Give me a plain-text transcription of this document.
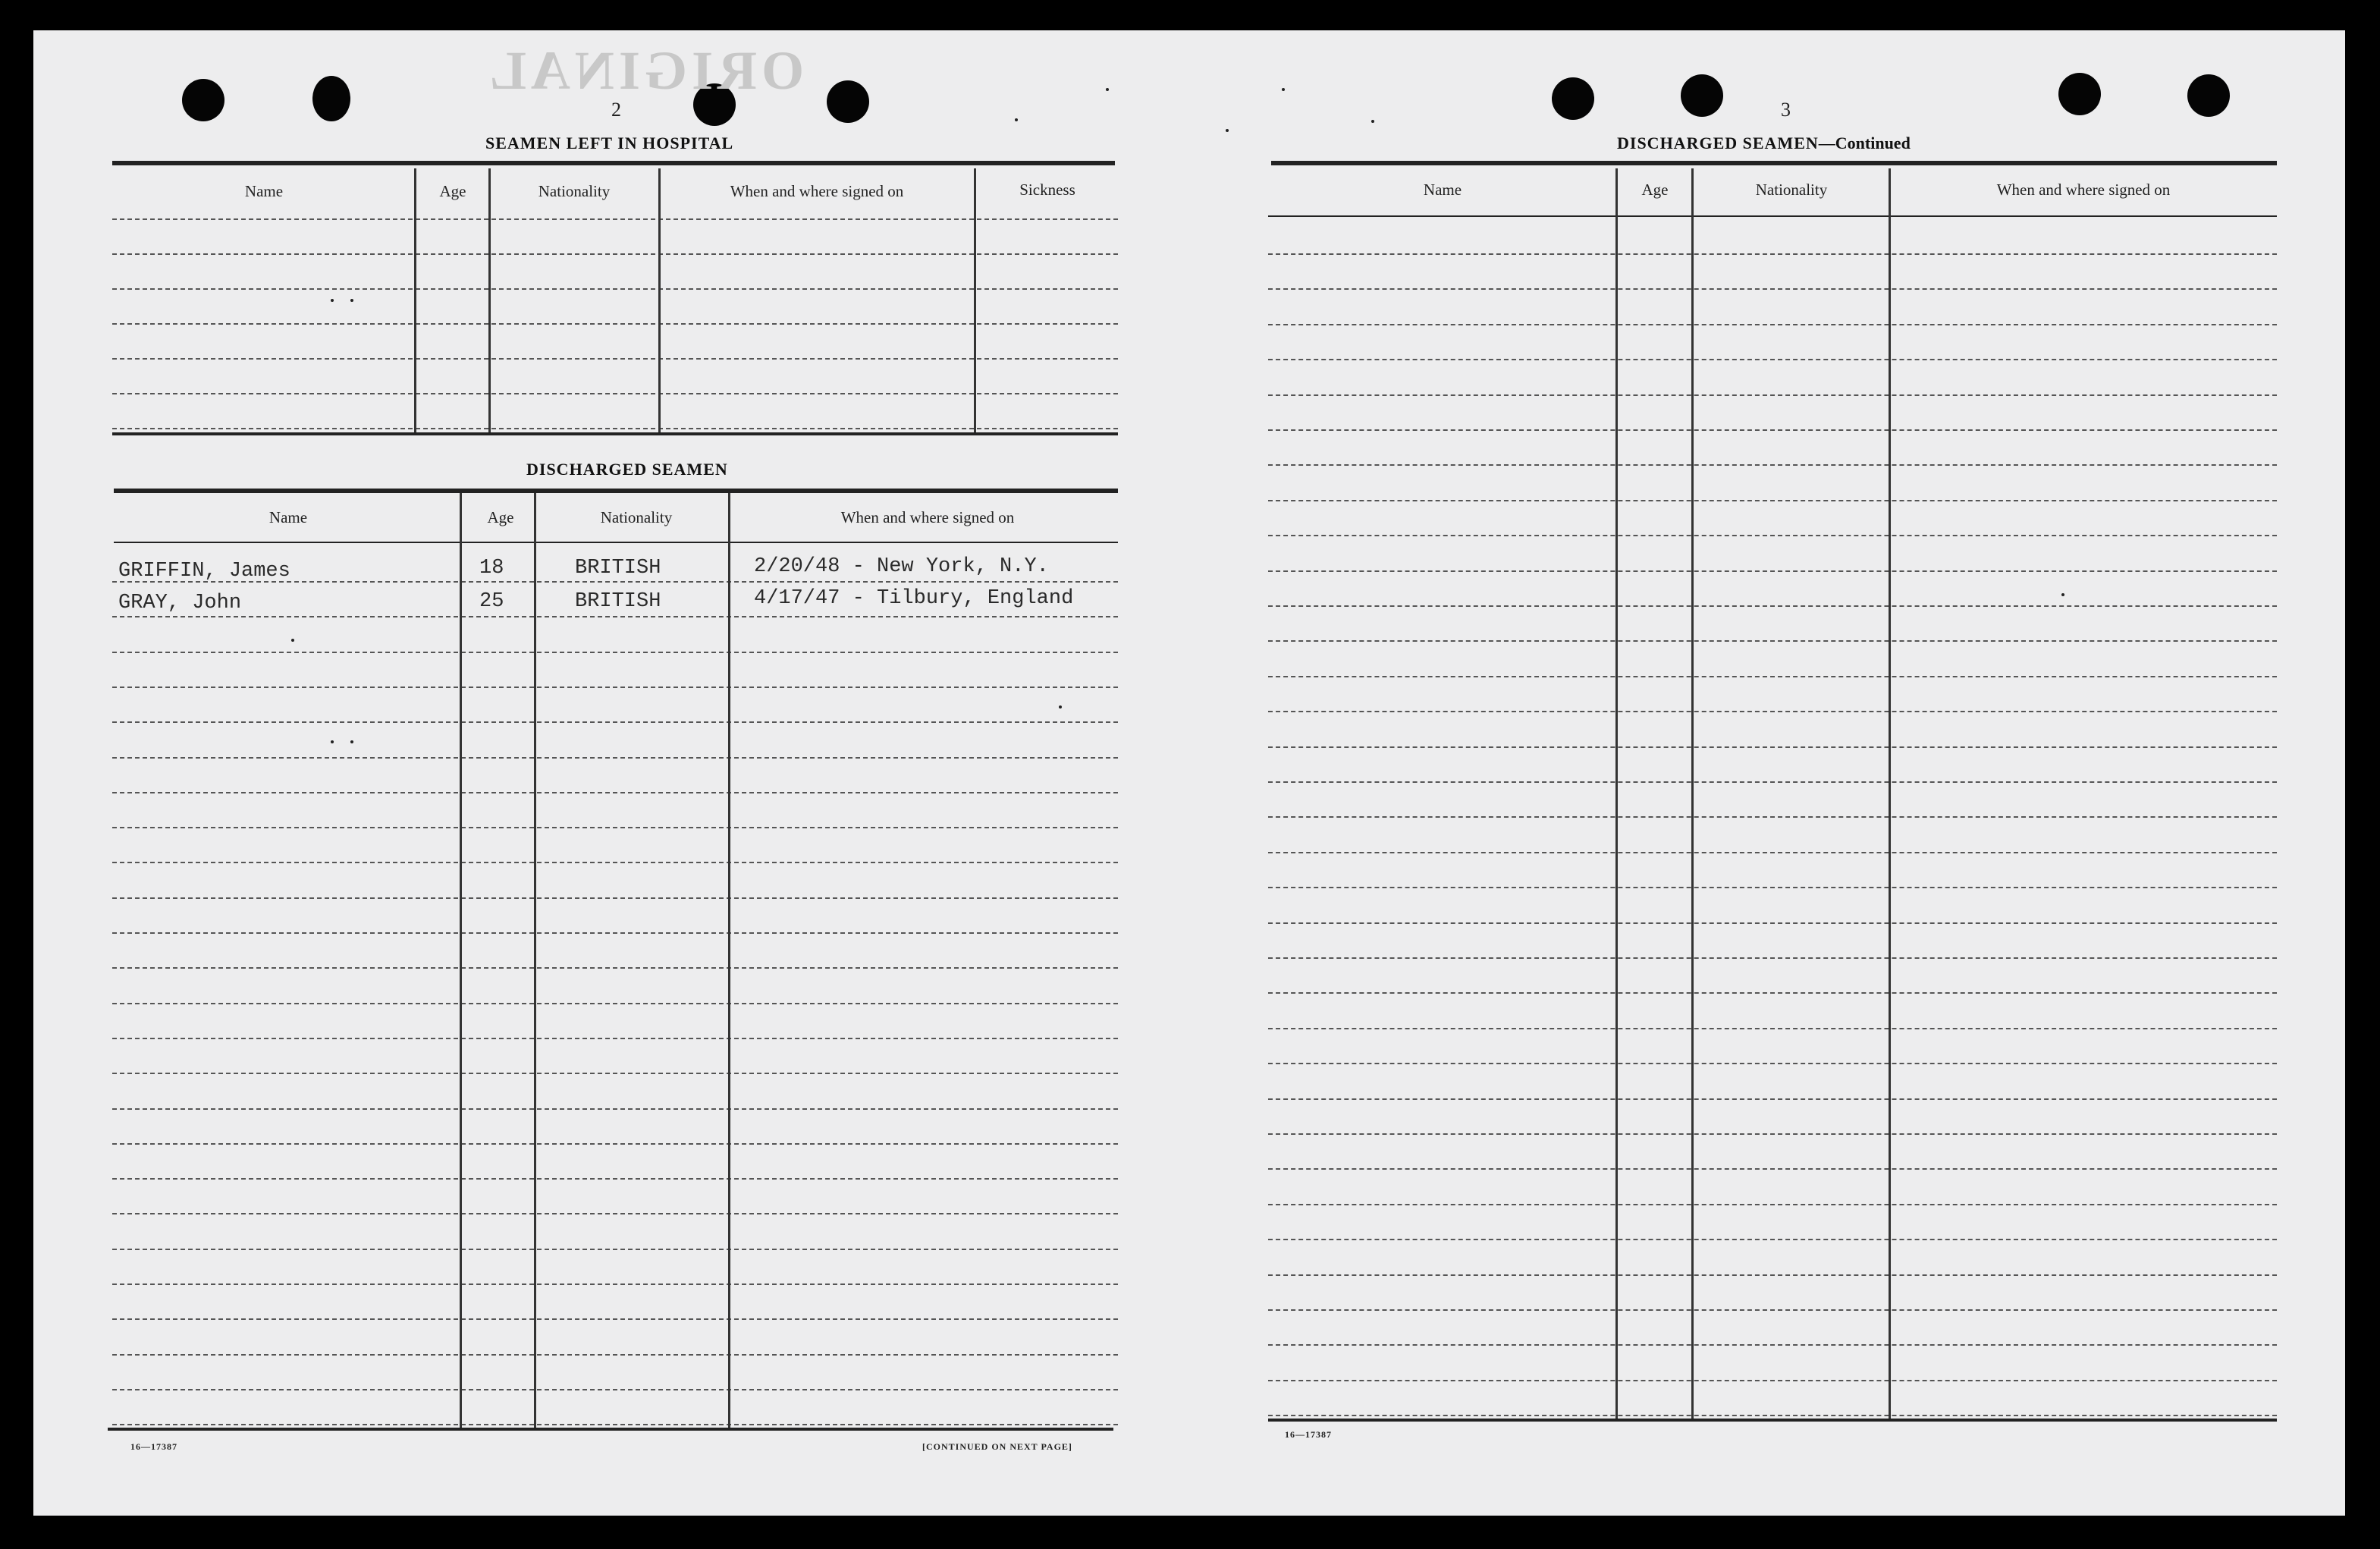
ORIGINAL
2
SEAMEN LEFT IN HOSPITAL
Name	Age	Nationality	When and where signed on	Sickness
DISCHARGED SEAMEN
Name	Age	Nationality	When and where signed on
GRIFFIN, James	18	BRITISH	2/20/48 - New York, N.Y.
GRAY, John	25	BRITISH	4/17/47 - Tilbury, England
16—17387	[CONTINUED ON NEXT PAGE]
3
DISCHARGED SEAMEN—Continued
Name	Age	Nationality	When and where signed on
16—17387
